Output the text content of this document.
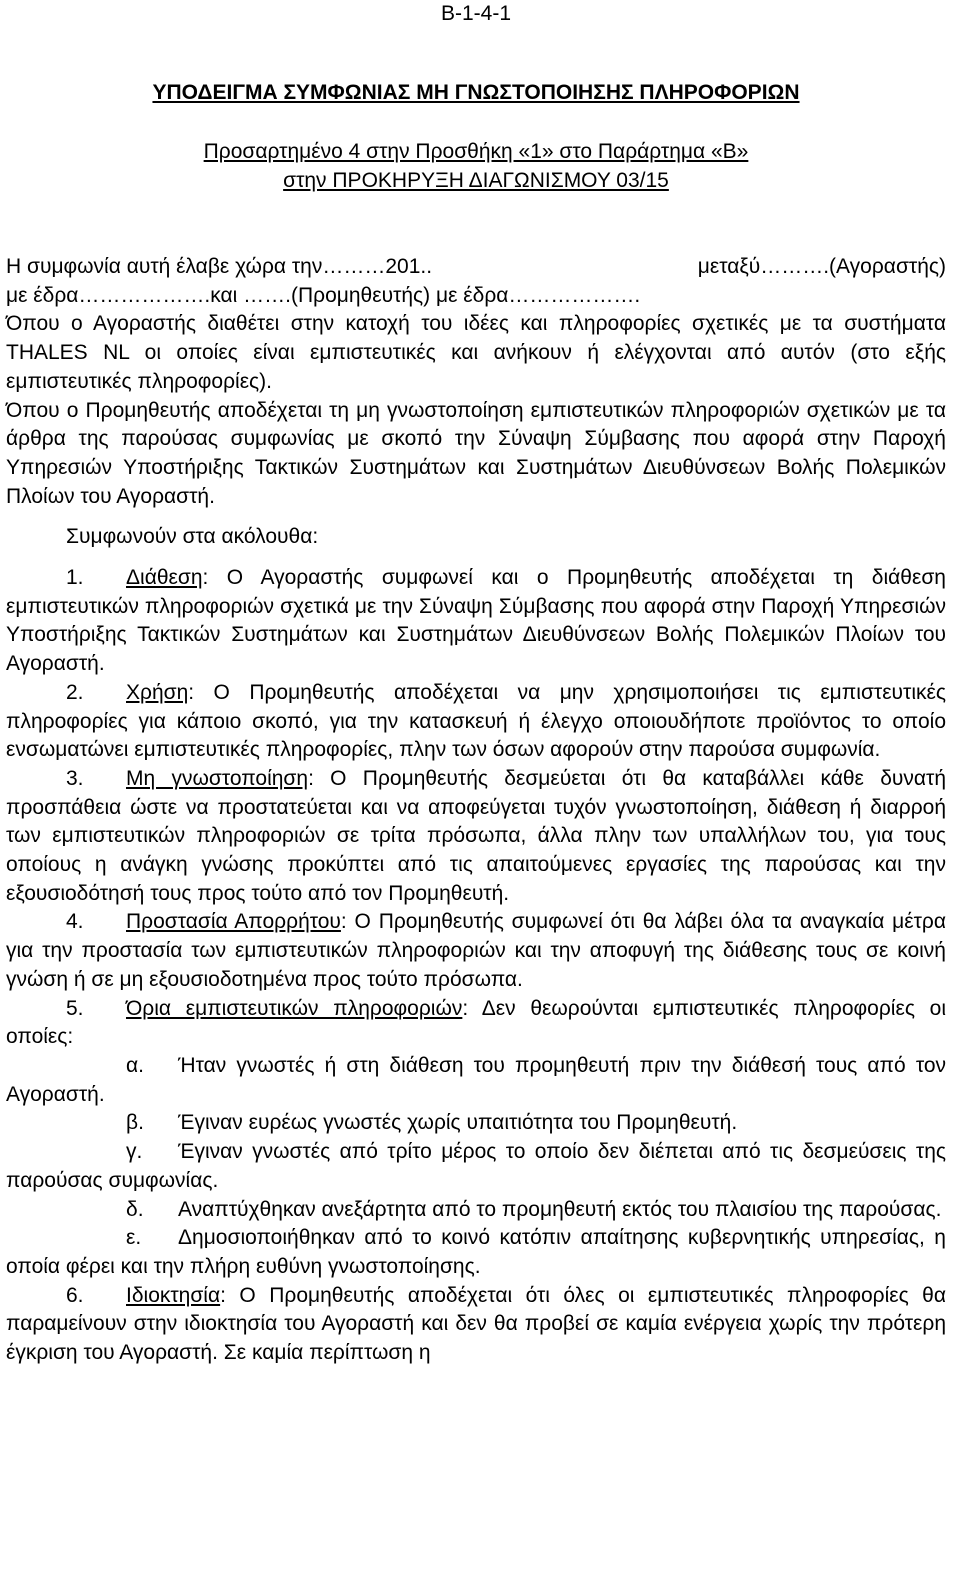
Β-1-4-1
ΥΠΟΔΕΙΓΜΑ ΣΥΜΦΩΝΙΑΣ ΜΗ ΓΝΩΣΤΟΠΟΙΗΣΗΣ ΠΛΗΡΟΦΟΡΙΩΝ
Προσαρτημένο 4 στην Προσθήκη «1» στο Παράρτημα «Β»
στην ΠΡΟΚΗΡΥΞΗ ΔΙΑΓΩΝΙΣΜΟΥ 03/15
Η συμφωνία αυτή έλαβε χώρα την………201..	μεταξύ……….(Αγοραστής)

με έδρα……………….και …….(Προμηθευτής) με έδρα……………….

Όπου ο Αγοραστής διαθέτει στην κατοχή του ιδέες και πληροφορίες σχετικές με τα συστήματα THALES NL οι οποίες είναι εμπιστευτικές και ανήκουν ή ελέγχονται από αυτόν (στο εξής εμπιστευτικές πληροφορίες).

Όπου ο Προμηθευτής αποδέχεται τη μη γνωστοποίηση εμπιστευτικών πληροφοριών σχετικών με τα άρθρα της παρούσας συμφωνίας με σκοπό την Σύναψη Σύμβασης που αφορά στην Παροχή Υπηρεσιών Υποστήριξης Τακτικών Συστημάτων και Συστημάτων Διευθύνσεων Βολής Πολεμικών Πλοίων του Αγοραστή.

Συμφωνούν στα ακόλουθα:

1. Διάθεση: Ο Αγοραστής συμφωνεί και ο Προμηθευτής αποδέχεται τη διάθεση εμπιστευτικών πληροφοριών σχετικά με την Σύναψη Σύμβασης που αφορά στην Παροχή Υπηρεσιών Υποστήριξης Τακτικών Συστημάτων και Συστημάτων Διευθύνσεων Βολής Πολεμικών Πλοίων του Αγοραστή.

2. Χρήση: Ο Προμηθευτής αποδέχεται να μην χρησιμοποιήσει τις εμπιστευτικές πληροφορίες για κάποιο σκοπό, για την κατασκευή ή έλεγχο οποιουδήποτε προϊόντος το οποίο ενσωματώνει εμπιστευτικές πληροφορίες, πλην των όσων αφορούν στην παρούσα συμφωνία.

3. Μη γνωστοποίηση: Ο Προμηθευτής δεσμεύεται ότι θα καταβάλλει κάθε δυνατή προσπάθεια ώστε να προστατεύεται και να αποφεύγεται τυχόν γνωστοποίηση, διάθεση ή διαρροή των εμπιστευτικών πληροφοριών σε τρίτα πρόσωπα, άλλα πλην των υπαλλήλων του, για τους οποίους η ανάγκη γνώσης προκύπτει από τις απαιτούμενες εργασίες της παρούσας και την εξουσιοδότησή τους προς τούτο από τον Προμηθευτή.

4. Προστασία Απορρήτου: Ο Προμηθευτής συμφωνεί ότι θα λάβει όλα τα αναγκαία μέτρα για την προστασία των εμπιστευτικών πληροφοριών και την αποφυγή της διάθεσης τους σε κοινή γνώση ή σε μη εξουσιοδοτημένα προς τούτο πρόσωπα.

5. Όρια εμπιστευτικών πληροφοριών: Δεν θεωρούνται εμπιστευτικές πληροφορίες οι οποίες:

α. Ήταν γνωστές ή στη διάθεση του προμηθευτή πριν την διάθεσή τους από τον Αγοραστή.

β. Έγιναν ευρέως γνωστές χωρίς υπαιτιότητα του Προμηθευτή.

γ. Έγιναν γνωστές από τρίτο μέρος το οποίο δεν διέπεται από τις δεσμεύσεις της παρούσας συμφωνίας.

δ. Αναπτύχθηκαν ανεξάρτητα από το προμηθευτή εκτός του πλαισίου της παρούσας.

ε. Δημοσιοποιήθηκαν από το κοινό κατόπιν απαίτησης κυβερνητικής υπηρεσίας, η οποία φέρει και την πλήρη ευθύνη γνωστοποίησης.

6. Ιδιοκτησία: Ο Προμηθευτής αποδέχεται ότι όλες οι εμπιστευτικές πληροφορίες θα παραμείνουν στην ιδιοκτησία του Αγοραστή και δεν θα προβεί σε καμία ενέργεια χωρίς την πρότερη έγκριση του Αγοραστή. Σε καμία περίπτωση η
